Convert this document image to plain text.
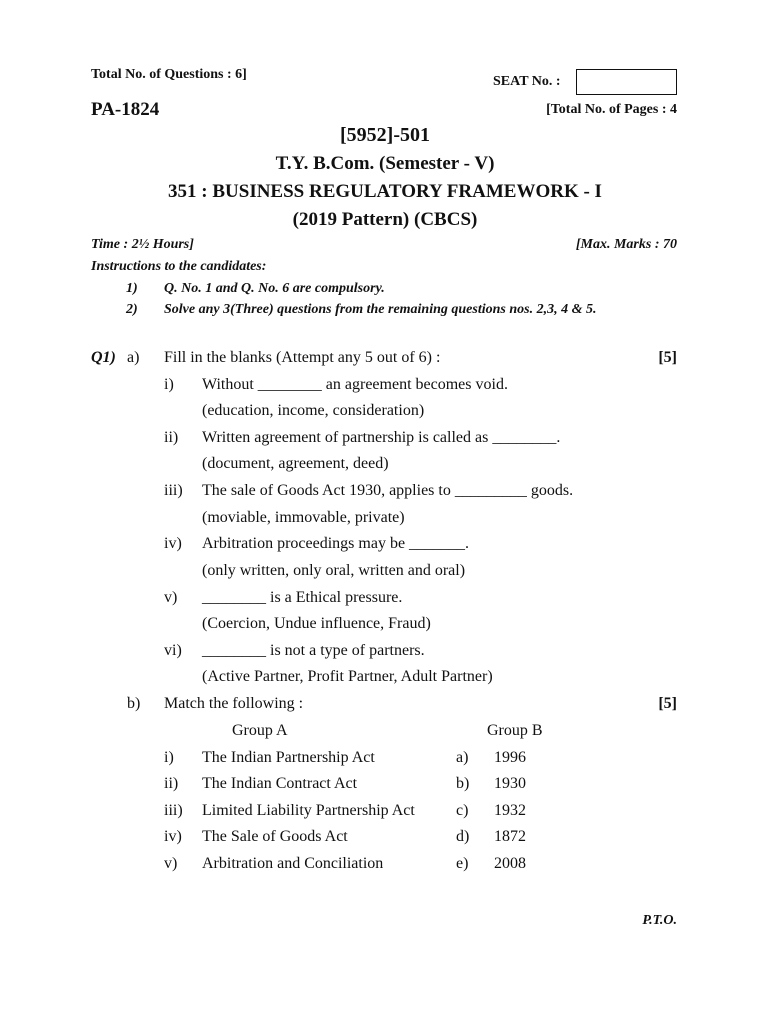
Total No. of Questions : 6]	SEAT No. :
PA-1824	[Total No. of Pages : 4
[5952]-501
T.Y. B.Com. (Semester - V)
351 : BUSINESS REGULATORY FRAMEWORK - I
(2019 Pattern) (CBCS)
Time : 2½ Hours]	[Max. Marks : 70
Instructions to the candidates:
1) Q. No. 1 and Q. No. 6 are compulsory.
2) Solve any 3(Three) questions from the remaining questions nos. 2,3, 4 & 5.
Q1) a) Fill in the blanks (Attempt any 5 out of 6) :	[5]
i) Without ________ an agreement becomes void.
(education, income, consideration)
ii) Written agreement of partnership is called as ________.
(document, agreement, deed)
iii) The sale of Goods Act 1930, applies to _________ goods.
(moviable, immovable, private)
iv) Arbitration proceedings may be _______.
(only written, only oral, written and oral)
v) ________ is a Ethical pressure.
(Coercion, Undue influence, Fraud)
vi) ________ is not a type of partners.
(Active Partner, Profit Partner, Adult Partner)
b) Match the following :	[5]
Group A	Group B
i) The Indian Partnership Act	a) 1996
ii) The Indian Contract Act	b) 1930
iii) Limited Liability Partnership Act	c) 1932
iv) The Sale of Goods Act	d) 1872
v) Arbitration and Conciliation	e) 2008
P.T.O.
